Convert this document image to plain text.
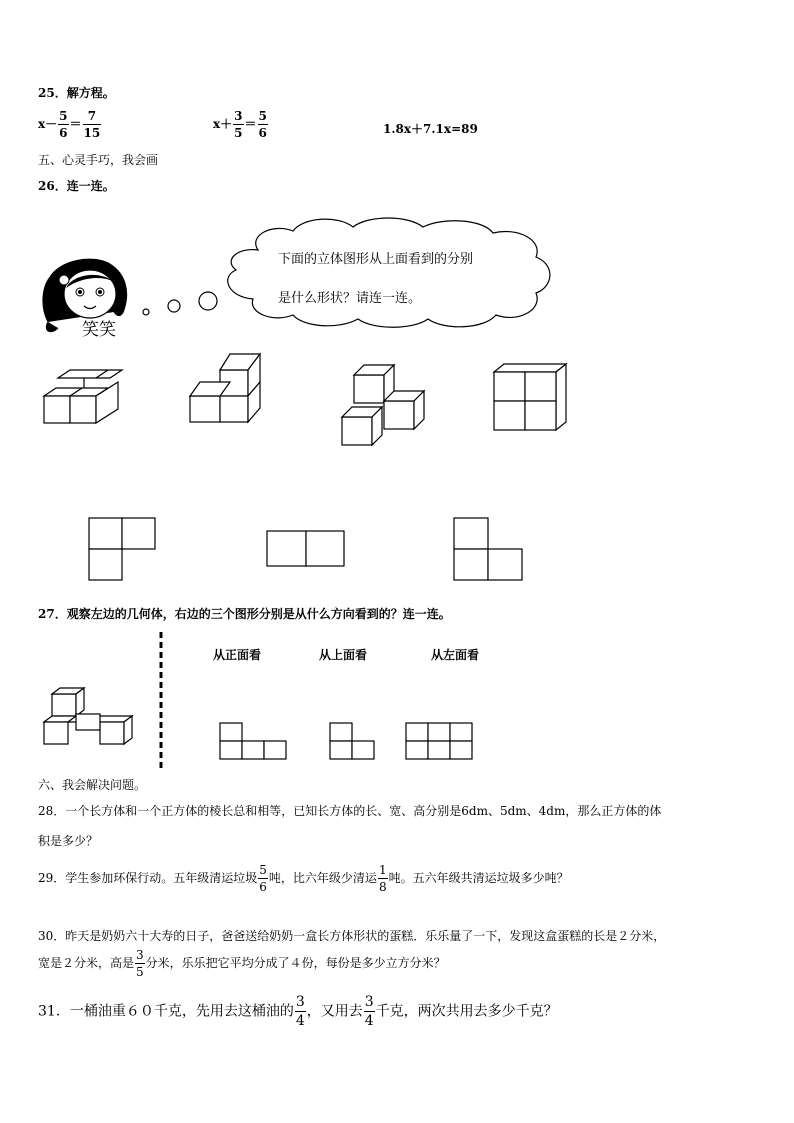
25．解方程。
$x- \frac{5}{6} = \frac{7}{15}$	$x+ \frac{3}{5} = \frac{5}{6}$	1.8x＋7.1x=89
五、心灵手巧，我会画
26．连一连。
笑笑
下面的立体图形从上面看到的分别
是什么形状？请连一连。
27．观察左边的几何体，右边的三个图形分别是从什么方向看到的？连一连。
从正面看	从上面看	从左面看
六、我会解决问题。
28．一个长方体和一个正方体的棱长总和相等，已知长方体的长、宽、高分别是6dm、5dm、4dm，那么正方体的体
积是多少？
29．学生参加环保行动。五年级清运垃圾 $\frac{5}{6}$ 吨，比六年级少清运 $\frac{1}{8}$ 吨。五六年级共清运垃圾多少吨？
30．昨天是奶奶六十大寿的日子，爸爸送给奶奶一盒长方体形状的蛋糕．乐乐量了一下，发现这盒蛋糕的长是２分米，
宽是２分米，高是 $\frac{3}{5}$ 分米，乐乐把它平均分成了４份，每份是多少立方分米？
31．一桶油重６０千克，先用去这桶油的 $\frac{3}{4}$ ，又用去 $\frac{3}{4}$ 千克，两次共用去多少千克？
